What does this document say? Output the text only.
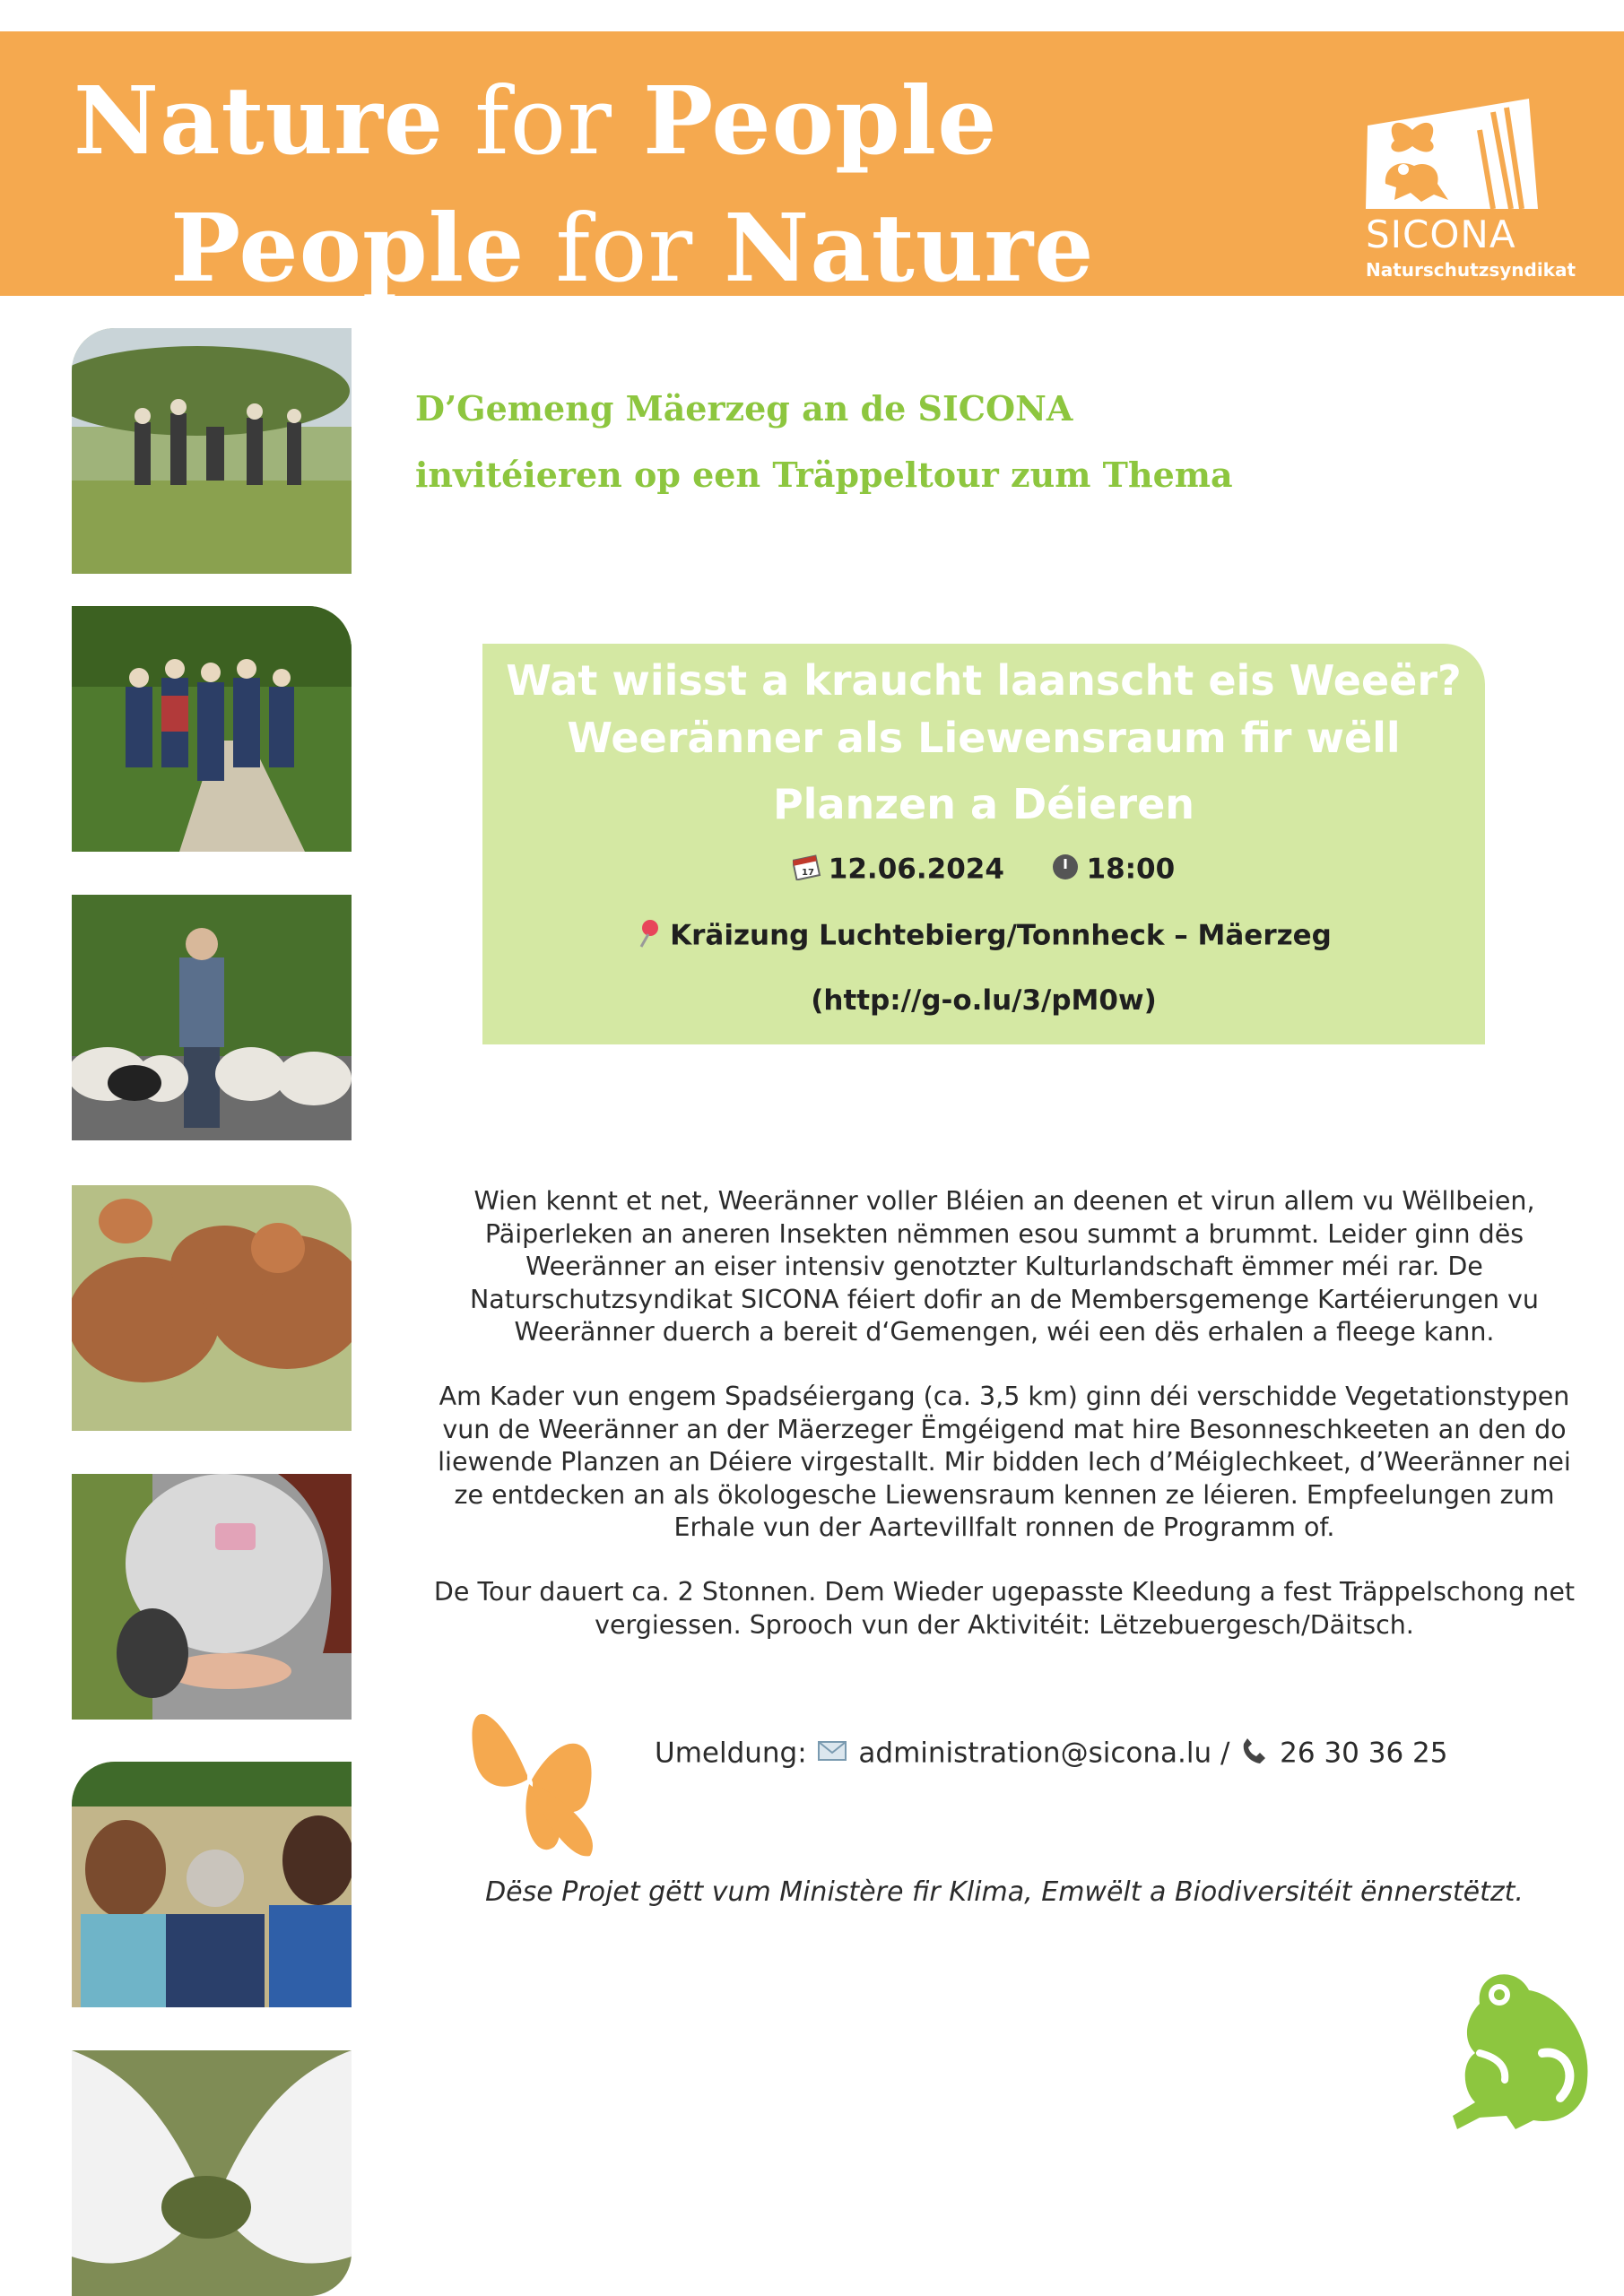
Nature for People
People for Nature	SICONA
Naturschutzsyndikat
D’Gemeng Mäerzeg an de SICONA
invitéieren op een Träppeltour zum Thema
Wat wiisst a kraucht laanscht eis Weeër?
Weeränner als Liewensraum fir wëll
Planzen a Déieren
17 12.06.2024	18:00
Kräizung Luchtebierg/Tonnheck – Mäerzeg
(http://g-o.lu/3/pM0w)
Wien kennt et net, Weeränner voller Bléien an deenen et virun allem vu Wëllbeien, Päiperleken an aneren Insekten nëmmen esou summt a brummt. Leider ginn dës Weeränner an eiser intensiv genotzter Kulturlandschaft ëmmer méi rar. De Naturschutzsyndikat SICONA féiert dofir an de Membersgemenge Kartéierungen vu Weeränner duerch a bereit d‘Gemengen, wéi een dës erhalen a fleege kann.
Am Kader vun engem Spadséiergang (ca. 3,5 km) ginn déi verschidde Vegetationstypen vun de Weeränner an der Mäerzeger Ëmgéigend mat hire Besonneschkeeten an den do liewende Planzen an Déiere virgestallt. Mir bidden Iech d’Méiglechkeet, d’Weeränner nei ze entdecken an als ökologesche Liewensraum kennen ze léieren. Empfeelungen zum Erhale vun der Aartevillfalt ronnen de Programm of.
De Tour dauert ca. 2 Stonnen. Dem Wieder ugepasste Kleedung a fest Träppelschong net vergiessen. Sprooch vun der Aktivitéit: Lëtzebuergesch/Däitsch.
Umeldung: administration@sicona.lu / 26 30 36 25
Dëse Projet gëtt vum Ministère fir Klima, Emwëlt a Biodiversitéit ënnerstëtzt.
